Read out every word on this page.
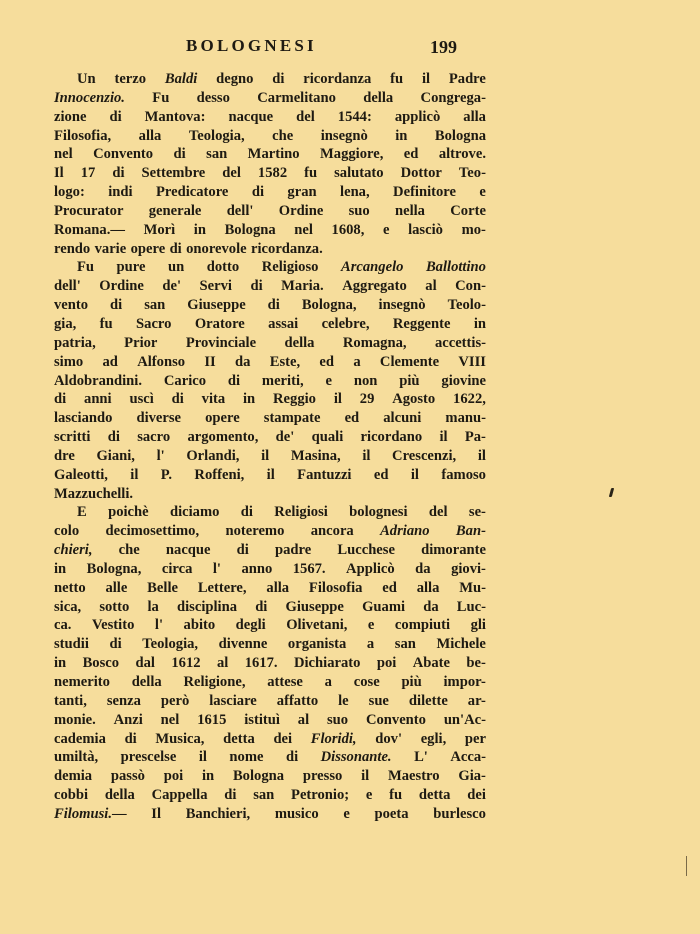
BOLOGNESI	199
Un terzo Baldi degno di ricordanza fu il Padre
Innocenzio. Fu desso Carmelitano della Congrega-
zione di Mantova: nacque del 1544: applicò alla
Filosofia, alla Teologia, che insegnò in Bologna
nel Convento di san Martino Maggiore, ed altrove.
Il 17 di Settembre del 1582 fu salutato Dottor Teo-
logo: indi Predicatore di gran lena, Definitore e
Procurator generale dell' Ordine suo nella Corte
Romana.— Morì in Bologna nel 1608, e lasciò mo-
rendo varie opere di onorevole ricordanza.
Fu pure un dotto Religioso Arcangelo Ballottino
dell' Ordine de' Servi di Maria. Aggregato al Con-
vento di san Giuseppe di Bologna, insegnò Teolo-
gia, fu Sacro Oratore assai celebre, Reggente in
patria, Prior Provinciale della Romagna, accettis-
simo ad Alfonso II da Este, ed a Clemente VIII
Aldobrandini. Carico di meriti, e non più giovine
di anni uscì di vita in Reggio il 29 Agosto 1622,
lasciando diverse opere stampate ed alcuni manu-
scritti di sacro argomento, de' quali ricordano il Pa-
dre Giani, l' Orlandi, il Masina, il Crescenzi, il
Galeotti, il P. Roffeni, il Fantuzzi ed il famoso
Mazzuchelli.
E poichè diciamo di Religiosi bolognesi del se-
colo decimosettimo, noteremo ancora Adriano Ban-
chieri, che nacque di padre Lucchese dimorante
in Bologna, circa l' anno 1567. Applicò da giovi-
netto alle Belle Lettere, alla Filosofia ed alla Mu-
sica, sotto la disciplina di Giuseppe Guami da Luc-
ca. Vestito l' abito degli Olivetani, e compiuti gli
studii di Teologia, divenne organista a san Michele
in Bosco dal 1612 al 1617. Dichiarato poi Abate be-
nemerito della Religione, attese a cose più impor-
tanti, senza però lasciare affatto le sue dilette ar-
monie. Anzi nel 1615 istituì al suo Convento un'Ac-
cademia di Musica, detta dei Floridi, dov' egli, per
umiltà, prescelse il nome di Dissonante. L' Acca-
demia passò poi in Bologna presso il Maestro Gia-
cobbi della Cappella di san Petronio; e fu detta dei
Filomusi.— Il Banchieri, musico e poeta burlesco
